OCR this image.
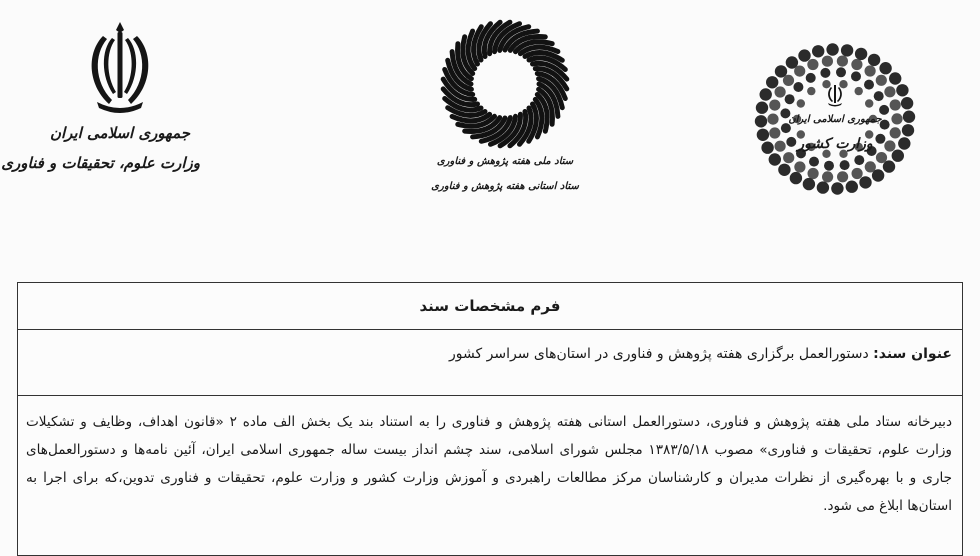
جمهوری اسلامی ایران
وزارت علوم، تحقیقات و فناوری	ستاد ملی هفته پژوهش و فناوری
ستاد استانی هفته پژوهش و فناوری
جمهوری اسلامی ایران
وزارت کشور
فرم مشخصات سند
عنوان سند: دستورالعمل برگزاری هفته پژوهش و فناوری در استان‌های سراسر کشور
دبیرخانه ستاد ملی هفته پژوهش و فناوری، دستورالعمل استانی هفته پژوهش و فناوری را به استناد بند یک بخش الف ماده ۲ «قانون اهداف، وظایف و تشکیلات وزارت علوم، تحقیقات و فناوری» مصوب ۱۳۸۳/۵/۱۸ مجلس شورای اسلامی، سند چشم انداز بیست ساله جمهوری اسلامی ایران، آئین نامه‌ها و دستورالعمل‌های جاری و با بهره‌گیری از نظرات مدیران و کارشناسان مرکز مطالعات راهبردی و آموزش وزارت کشور و وزارت علوم، تحقیقات و فناوری تدوین،که برای اجرا به استان‌ها ابلاغ می شود.
